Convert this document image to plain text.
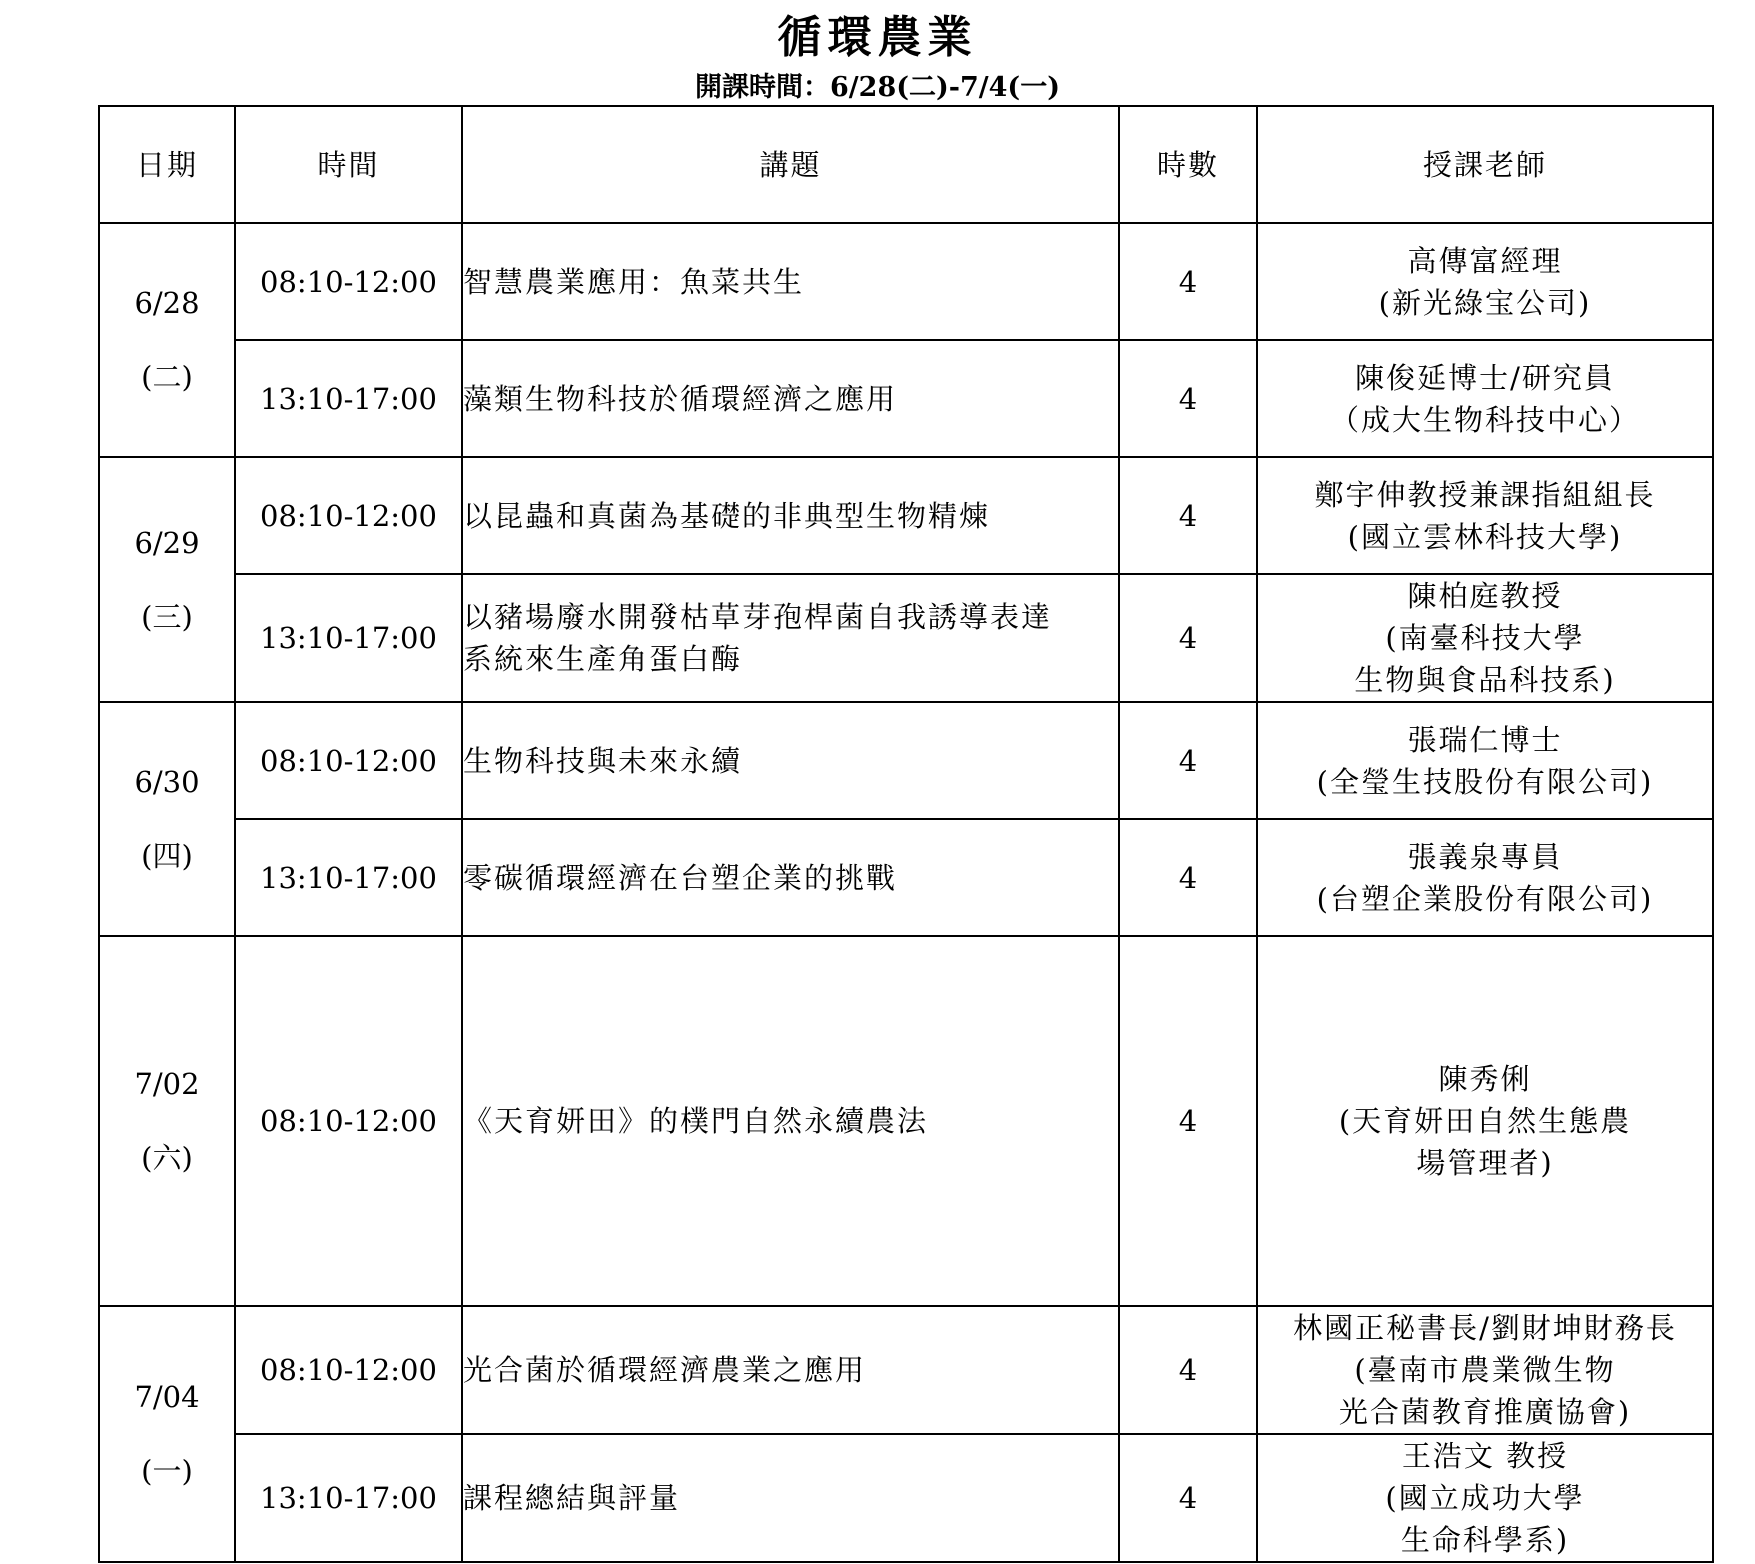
循環農業
開課時間：6/28(二)-7/4(一)
日期	時間	講題	時數	授課老師

6/28
(二)	08:10-12:00	智慧農業應用：魚菜共生	4	高傳富經理
(新光綠宝公司)

	13:10-17:00	藻類生物科技於循環經濟之應用	4	陳俊延博士/研究員
（成大生物科技中心）

6/29
(三)	08:10-12:00	以昆蟲和真菌為基礎的非典型生物精煉	4	鄭宇伸教授兼課指組組長
(國立雲林科技大學)

	13:10-17:00	以豬場廢水開發枯草芽孢桿菌自我誘導表達
系統來生產角蛋白酶	4	陳柏庭教授
(南臺科技大學
生物與食品科技系)

6/30
(四)	08:10-12:00	生物科技與未來永續	4	張瑞仁博士
(全瑩生技股份有限公司)

	13:10-17:00	零碳循環經濟在台塑企業的挑戰	4	張義泉專員
(台塑企業股份有限公司)

7/02
(六)	08:10-12:00	《天育妍田》的樸門自然永續農法	4	陳秀俐
(天育妍田自然生態農
場管理者)

7/04
(一)	08:10-12:00	光合菌於循環經濟農業之應用	4	林國正秘書長/劉財坤財務長
(臺南市農業微生物
光合菌教育推廣協會)

	13:10-17:00	課程總結與評量	4	王浩文 教授
(國立成功大學
生命科學系)
